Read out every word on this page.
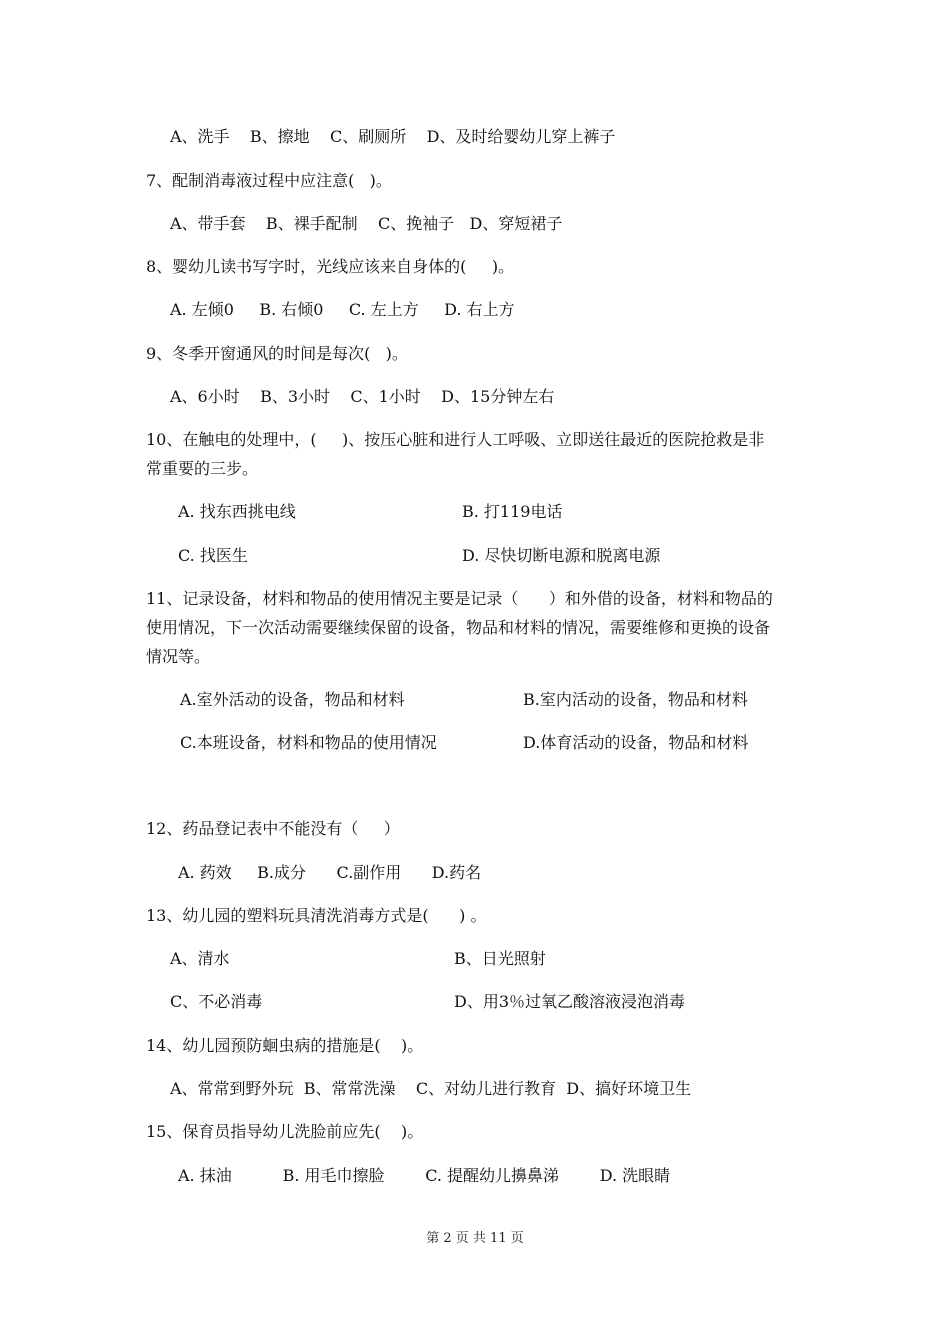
A、洗手    B、擦地    C、刷厕所    D、及时给婴幼儿穿上裤子
7、配制消毒液过程中应注意(   )。
A、带手套    B、裸手配制    C、挽袖子   D、穿短裙子
8、婴幼儿读书写字时，光线应该来自身体的(     )。
A. 左倾0     B. 右倾0     C. 左上方     D. 右上方
9、冬季开窗通风的时间是每次(   )。
A、6小时    B、3小时    C、1小时    D、15分钟左右
10、在触电的处理中，(     )、按压心脏和进行人工呼吸、立即送往最近的医院抢救是非
常重要的三步。
A. 找东西挑电线	B. 打119电话
C. 找医生	D. 尽快切断电源和脱离电源
11、记录设备，材料和物品的使用情况主要是记录（      ）和外借的设备，材料和物品的
使用情况，下一次活动需要继续保留的设备，物品和材料的情况，需要维修和更换的设备
情况等。
A.室外活动的设备，物品和材料	B.室内活动的设备，物品和材料
C.本班设备，材料和物品的使用情况	D.体育活动的设备，物品和材料
12、药品登记表中不能没有（     ）
A. 药效     B.成分      C.副作用      D.药名
13、幼儿园的塑料玩具清洗消毒方式是(      ) 。
A、清水	B、日光照射
C、不必消毒	D、用3％过氧乙酸溶液浸泡消毒
14、幼儿园预防蛔虫病的措施是(    )。
A、常常到野外玩  B、常常洗澡    C、对幼儿进行教育  D、搞好环境卫生
15、保育员指导幼儿洗脸前应先(    )。
A. 抹油          B. 用毛巾擦脸        C. 提醒幼儿擤鼻涕        D. 洗眼睛
第 2 页 共 11 页
